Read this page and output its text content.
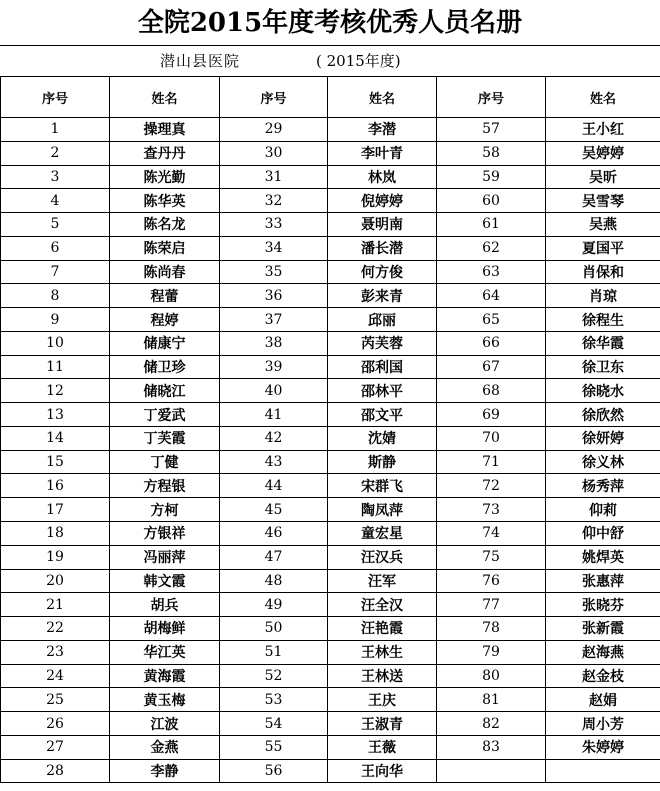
全院2015年度考核优秀人员名册
潜山县医院	( 2015年度)
序号	姓名	序号	姓名	序号	姓名
1	操理真	29	李潜	57	王小红
2	查丹丹	30	李叶青	58	吴婷婷
3	陈光勤	31	林岚	59	吴昕
4	陈华英	32	倪婷婷	60	吴雪琴
5	陈名龙	33	聂明南	61	吴燕
6	陈荣启	34	潘长潜	62	夏国平
7	陈尚春	35	何方俊	63	肖保和
8	程蕾	36	彭来青	64	肖琼
9	程婷	37	邱丽	65	徐程生
10	储康宁	38	芮芙蓉	66	徐华霞
11	储卫珍	39	邵利国	67	徐卫东
12	储晓江	40	邵林平	68	徐晓水
13	丁爱武	41	邵文平	69	徐欣然
14	丁芙霞	42	沈婧	70	徐妍婷
15	丁健	43	斯静	71	徐义林
16	方程银	44	宋群飞	72	杨秀萍
17	方柯	45	陶凤萍	73	仰莉
18	方银祥	46	童宏星	74	仰中舒
19	冯丽萍	47	汪汉兵	75	姚焊英
20	韩文霞	48	汪军	76	张惠萍
21	胡兵	49	汪全汉	77	张晓芬
22	胡梅鲜	50	汪艳霞	78	张新霞
23	华江英	51	王林生	79	赵海燕
24	黄海霞	52	王林送	80	赵金枝
25	黄玉梅	53	王庆	81	赵娟
26	江波	54	王淑青	82	周小芳
27	金燕	55	王薇	83	朱婷婷
28	李静	56	王向华		
